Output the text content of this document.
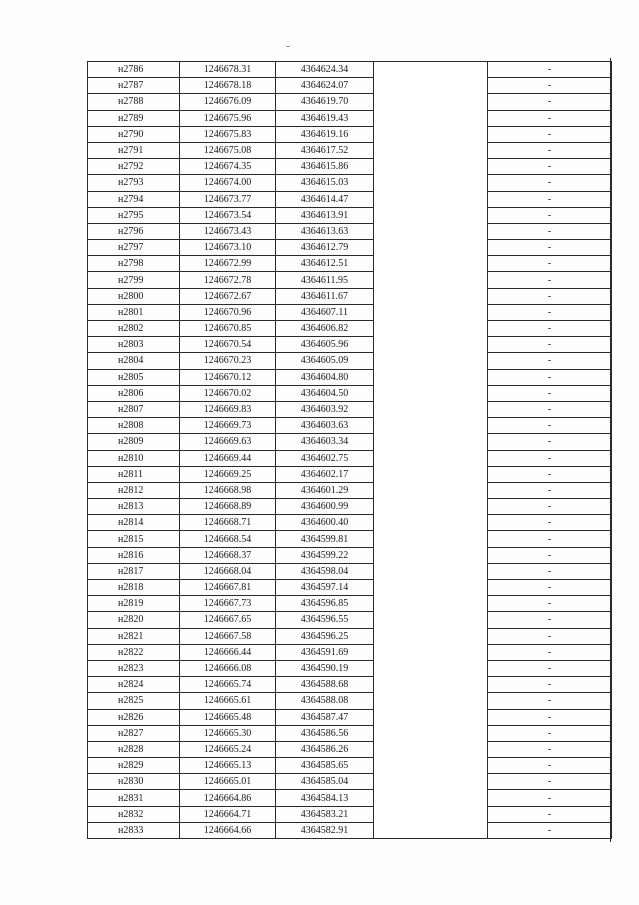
н2786	1246678.31	4364624.34		-
н2787	1246678.18	4364624.07		-
н2788	1246676.09	4364619.70		-
н2789	1246675.96	4364619.43		-
н2790	1246675.83	4364619.16		-
н2791	1246675.08	4364617.52		-
н2792	1246674.35	4364615.86		-
н2793	1246674.00	4364615.03		-
н2794	1246673.77	4364614.47		-
н2795	1246673.54	4364613.91		-
н2796	1246673.43	4364613.63		-
н2797	1246673.10	4364612.79		-
н2798	1246672.99	4364612.51		-
н2799	1246672.78	4364611.95		-
н2800	1246672.67	4364611.67		-
н2801	1246670.96	4364607.11		-
н2802	1246670.85	4364606.82		-
н2803	1246670.54	4364605.96		-
н2804	1246670.23	4364605.09		-
н2805	1246670.12	4364604.80		-
н2806	1246670.02	4364604.50		-
н2807	1246669.83	4364603.92		-
н2808	1246669.73	4364603.63		-
н2809	1246669.63	4364603.34		-
н2810	1246669.44	4364602.75		-
н2811	1246669.25	4364602.17		-
н2812	1246668.98	4364601.29		-
н2813	1246668.89	4364600.99		-
н2814	1246668.71	4364600.40		-
н2815	1246668.54	4364599.81		-
н2816	1246668.37	4364599.22		-
н2817	1246668.04	4364598.04		-
н2818	1246667.81	4364597.14		-
н2819	1246667.73	4364596.85		-
н2820	1246667.65	4364596.55		-
н2821	1246667.58	4364596.25		-
н2822	1246666.44	4364591.69		-
н2823	1246666.08	4364590.19		-
н2824	1246665.74	4364588.68		-
н2825	1246665.61	4364588.08		-
н2826	1246665.48	4364587.47		-
н2827	1246665.30	4364586.56		-
н2828	1246665.24	4364586.26		-
н2829	1246665.13	4364585.65		-
н2830	1246665.01	4364585.04		-
н2831	1246664.86	4364584.13		-
н2832	1246664.71	4364583.21		-
н2833	1246664.66	4364582.91		-
